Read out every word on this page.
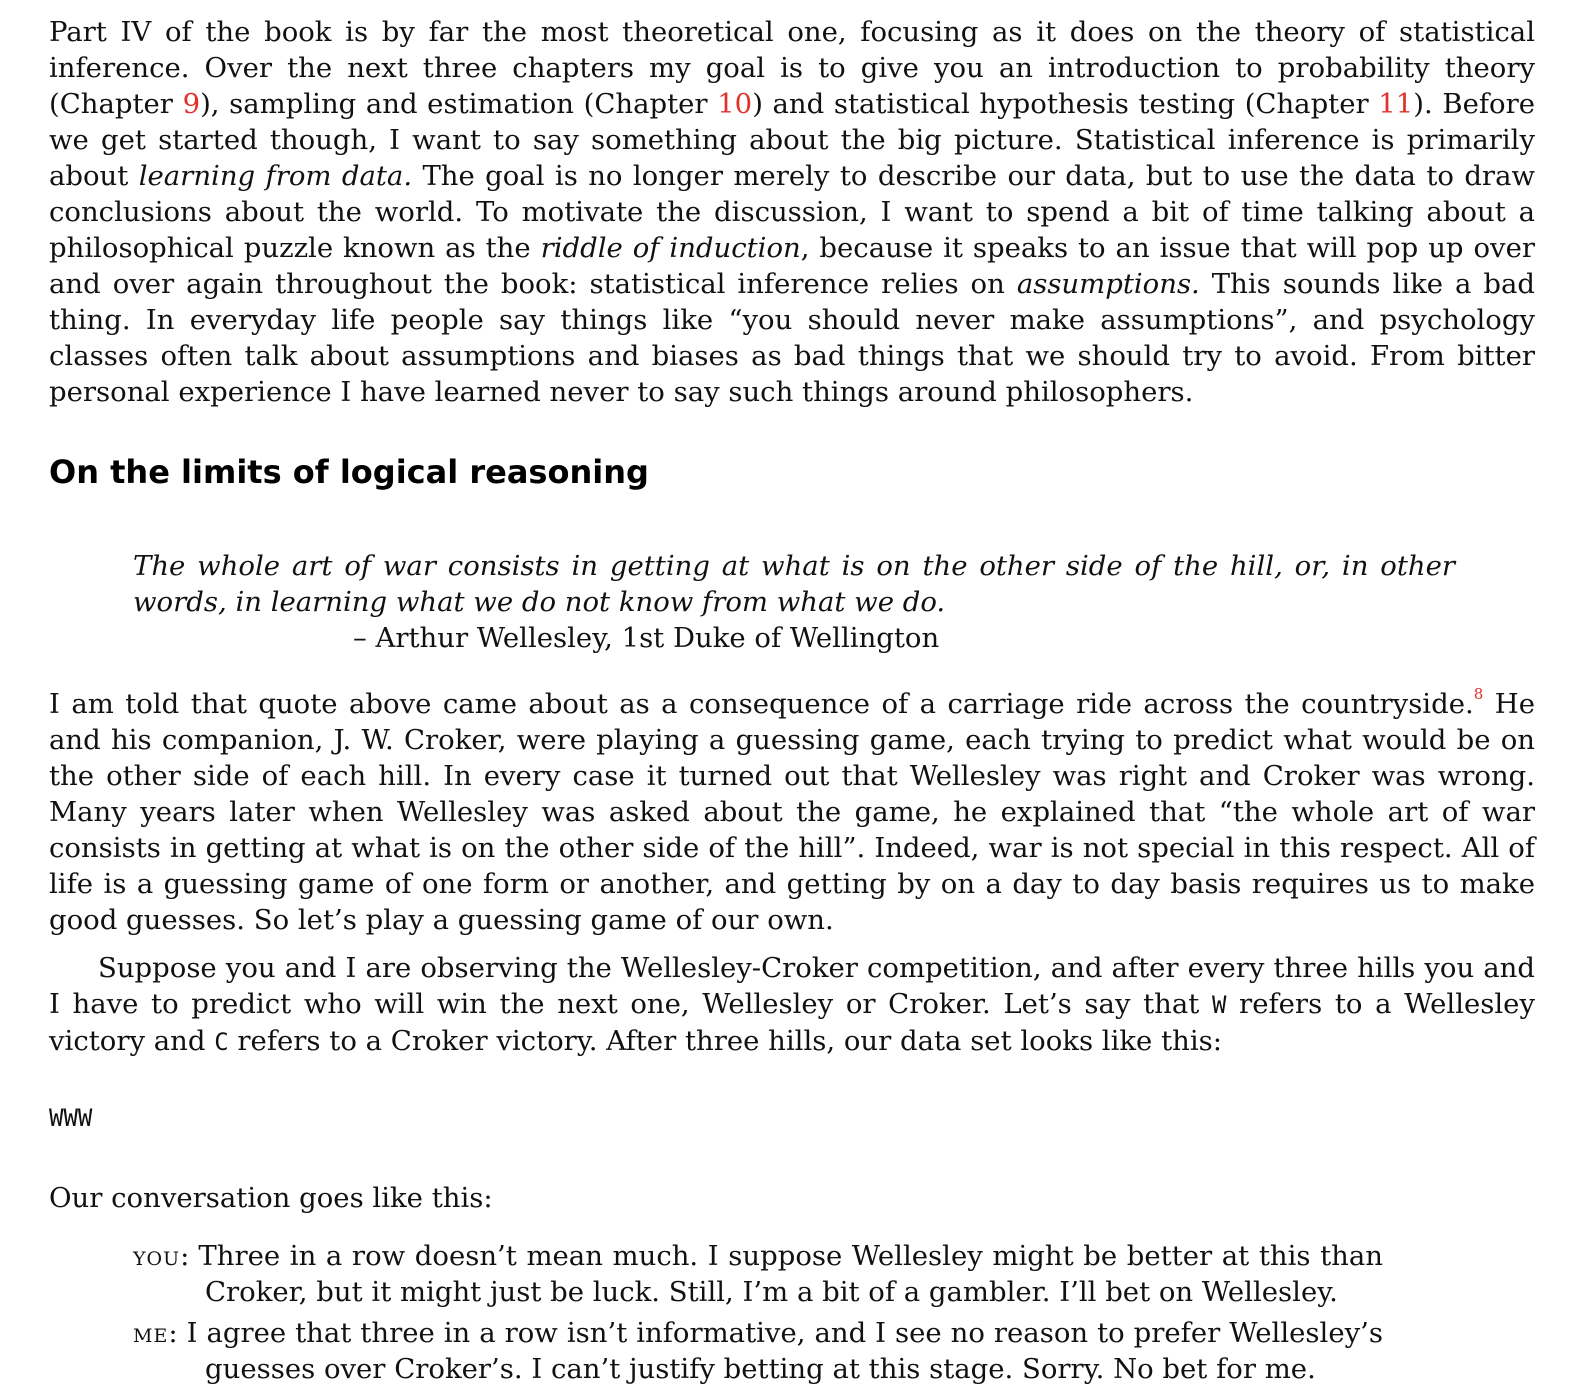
Part IV of the book is by far the most theoretical one, focusing as it does on the theory of statistical inference. Over the next three chapters my goal is to give you an introduction to probability theory (Chapter 9), sampling and estimation (Chapter 10) and statistical hypothesis testing (Chapter 11). Before we get started though, I want to say something about the big picture. Statistical inference is primarily about learning from data. The goal is no longer merely to describe our data, but to use the data to draw conclusions about the world. To motivate the discussion, I want to spend a bit of time talking about a philosophical puzzle known as the riddle of induction, because it speaks to an issue that will pop up over and over again throughout the book: statistical inference relies on assumptions. This sounds like a bad thing. In everyday life people say things like “you should never make assumptions”, and psychology classes often talk about assumptions and biases as bad things that we should try to avoid. From bitter personal experience I have learned never to say such things around philosophers.

On the limits of logical reasoning

The whole art of war consists in getting at what is on the other side of the hill, or, in other words, in learning what we do not know from what we do.

– Arthur Wellesley, 1st Duke of Wellington

I am told that quote above came about as a consequence of a carriage ride across the countryside.$^8$ He and his companion, J. W. Croker, were playing a guessing game, each trying to predict what would be on the other side of each hill. In every case it turned out that Wellesley was right and Croker was wrong. Many years later when Wellesley was asked about the game, he explained that “the whole art of war consists in getting at what is on the other side of the hill”. Indeed, war is not special in this respect. All of life is a guessing game of one form or another, and getting by on a day to day basis requires us to make good guesses. So let’s play a guessing game of our own.

Suppose you and I are observing the Wellesley-Croker competition, and after every three hills you and I have to predict who will win the next one, Wellesley or Croker. Let’s say that W refers to a Wellesley victory and C refers to a Croker victory. After three hills, our data set looks like this:

WWW

Our conversation goes like this:

you: Three in a row doesn’t mean much. I suppose Wellesley might be better at this than Croker, but it might just be luck. Still, I’m a bit of a gambler. I’ll bet on Wellesley.

me: I agree that three in a row isn’t informative, and I see no reason to prefer Wellesley’s guesses over Croker’s. I can’t justify betting at this stage. Sorry. No bet for me.
